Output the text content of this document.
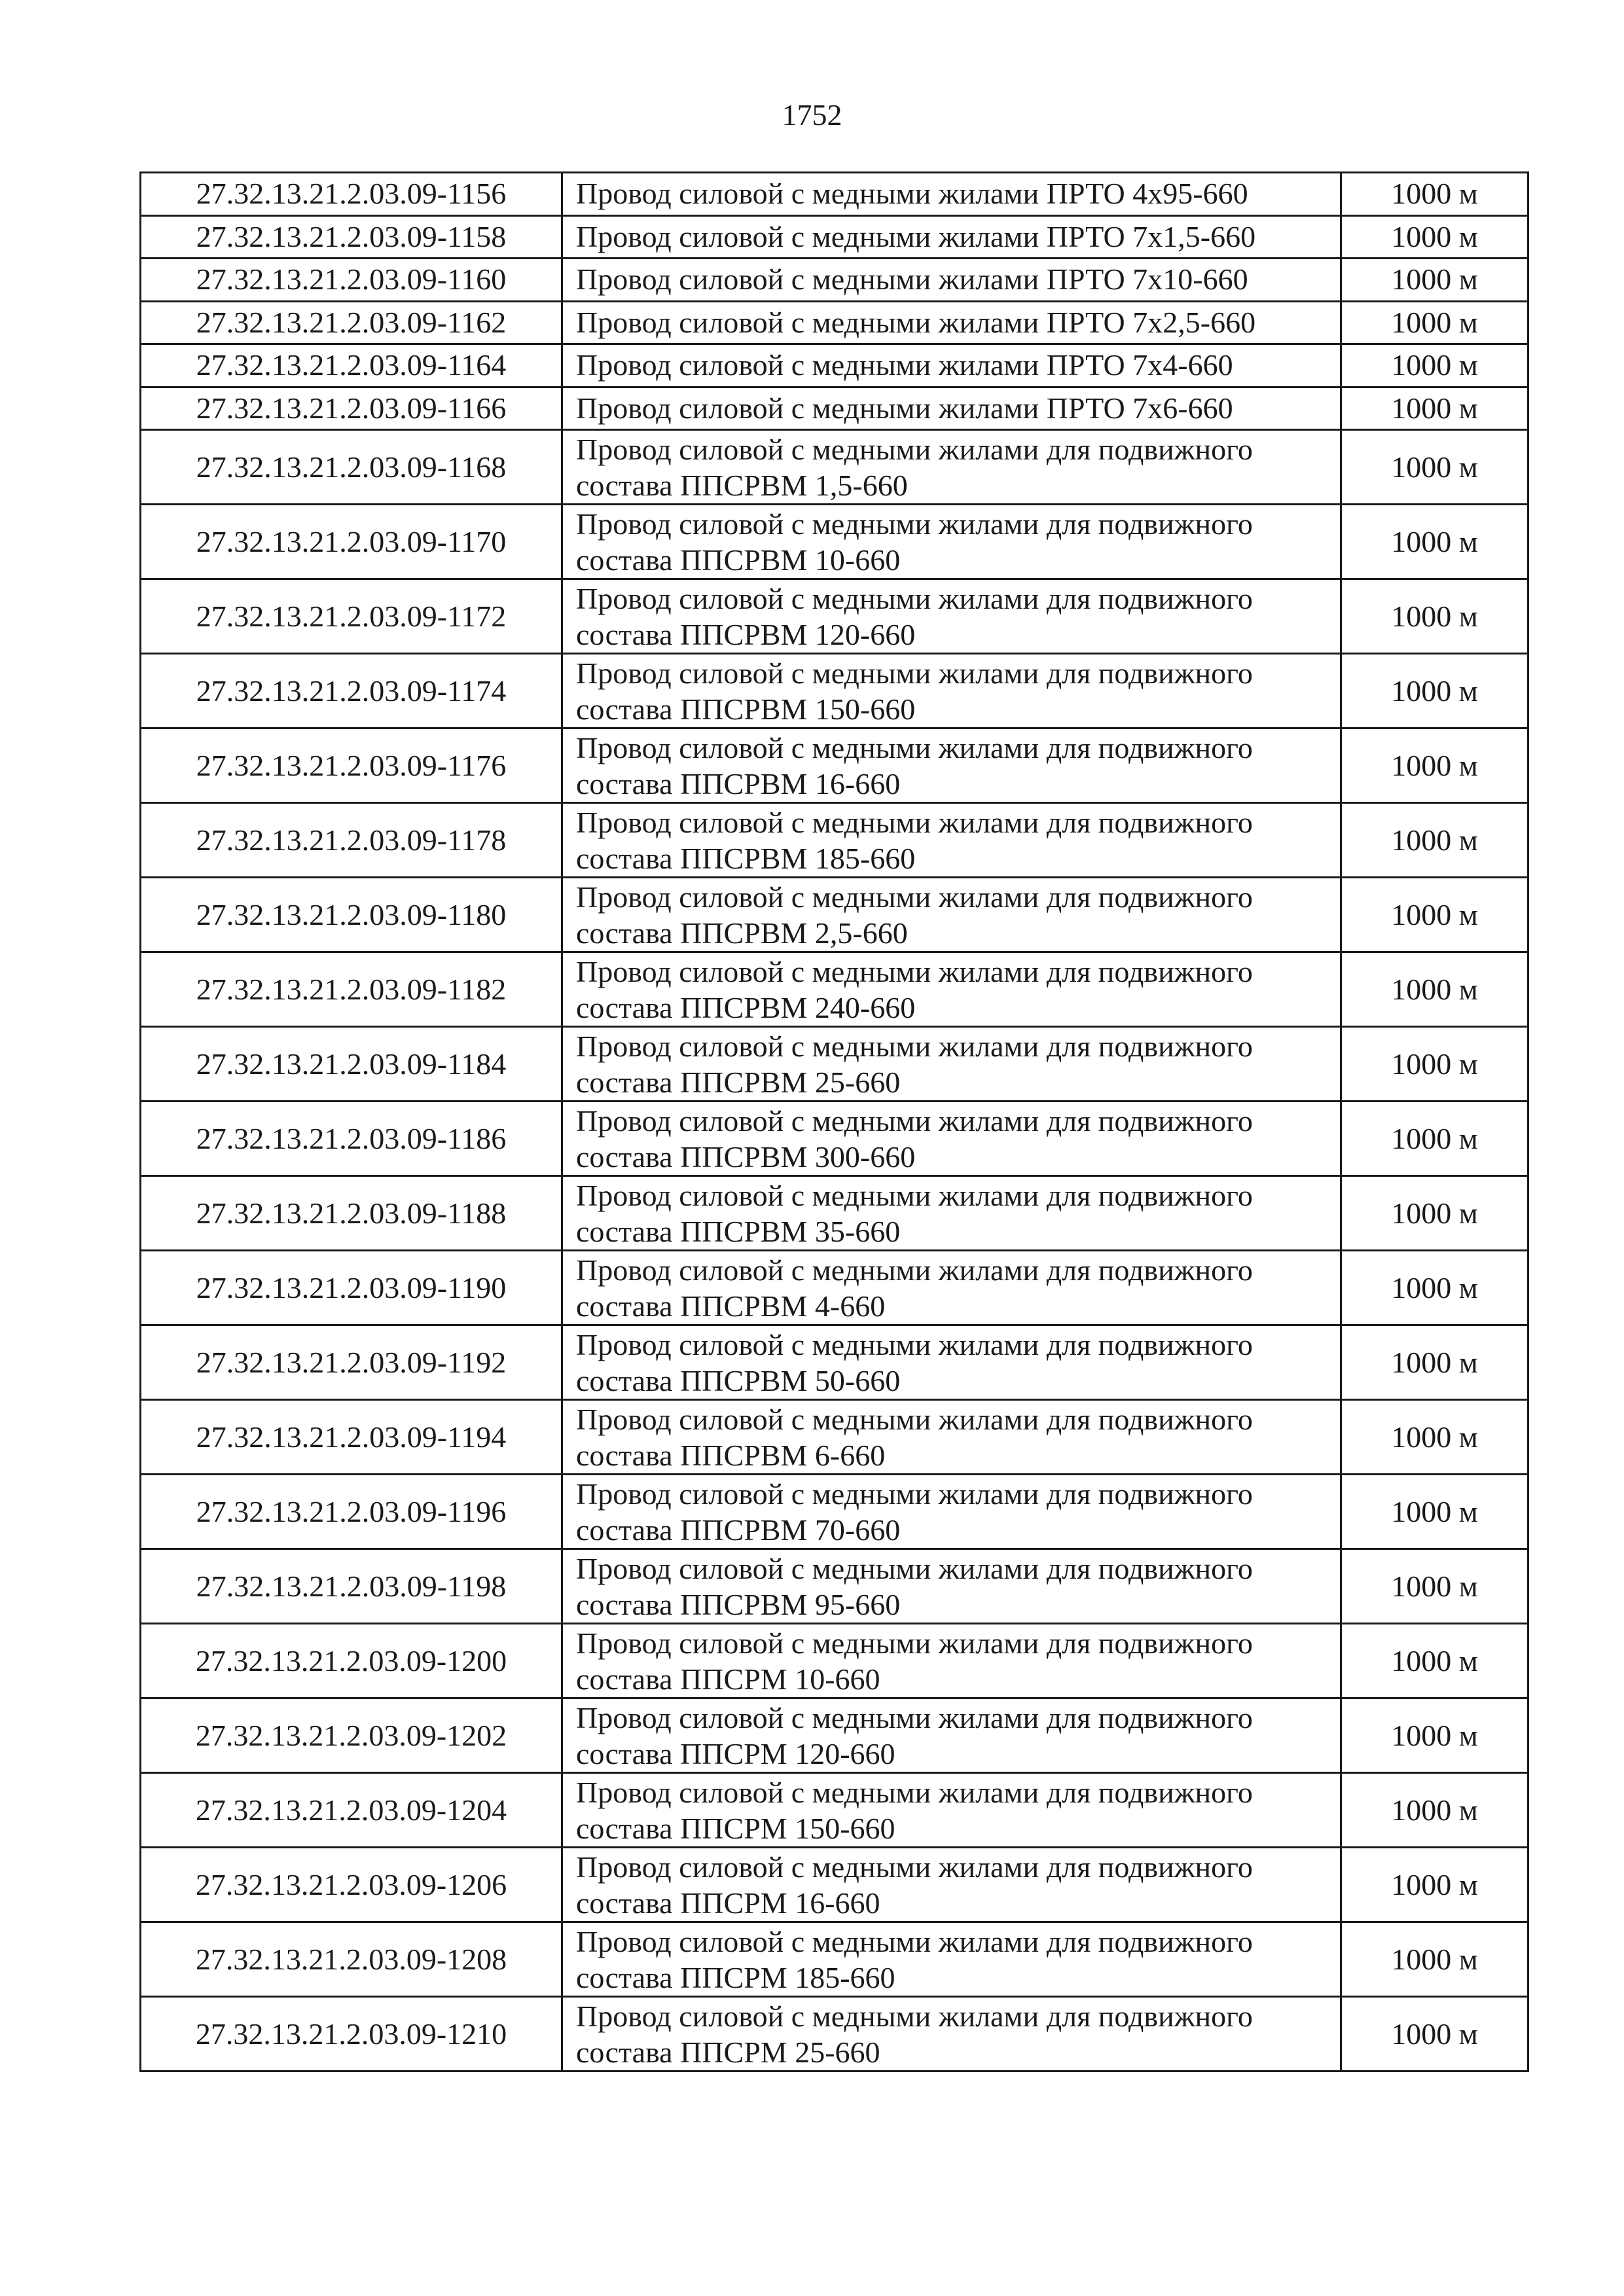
1752
27.32.13.21.2.03.09-1156	Провод силовой с медными жилами ПРТО 4х95-660	1000 м
27.32.13.21.2.03.09-1158	Провод силовой с медными жилами ПРТО 7х1,5-660	1000 м
27.32.13.21.2.03.09-1160	Провод силовой с медными жилами ПРТО 7х10-660	1000 м
27.32.13.21.2.03.09-1162	Провод силовой с медными жилами ПРТО 7х2,5-660	1000 м
27.32.13.21.2.03.09-1164	Провод силовой с медными жилами ПРТО 7х4-660	1000 м
27.32.13.21.2.03.09-1166	Провод силовой с медными жилами ПРТО 7х6-660	1000 м
27.32.13.21.2.03.09-1168	Провод силовой с медными жилами для подвижного
состава ППСРВМ 1,5-660	1000 м
27.32.13.21.2.03.09-1170	Провод силовой с медными жилами для подвижного
состава ППСРВМ 10-660	1000 м
27.32.13.21.2.03.09-1172	Провод силовой с медными жилами для подвижного
состава ППСРВМ 120-660	1000 м
27.32.13.21.2.03.09-1174	Провод силовой с медными жилами для подвижного
состава ППСРВМ 150-660	1000 м
27.32.13.21.2.03.09-1176	Провод силовой с медными жилами для подвижного
состава ППСРВМ 16-660	1000 м
27.32.13.21.2.03.09-1178	Провод силовой с медными жилами для подвижного
состава ППСРВМ 185-660	1000 м
27.32.13.21.2.03.09-1180	Провод силовой с медными жилами для подвижного
состава ППСРВМ 2,5-660	1000 м
27.32.13.21.2.03.09-1182	Провод силовой с медными жилами для подвижного
состава ППСРВМ 240-660	1000 м
27.32.13.21.2.03.09-1184	Провод силовой с медными жилами для подвижного
состава ППСРВМ 25-660	1000 м
27.32.13.21.2.03.09-1186	Провод силовой с медными жилами для подвижного
состава ППСРВМ 300-660	1000 м
27.32.13.21.2.03.09-1188	Провод силовой с медными жилами для подвижного
состава ППСРВМ 35-660	1000 м
27.32.13.21.2.03.09-1190	Провод силовой с медными жилами для подвижного
состава ППСРВМ 4-660	1000 м
27.32.13.21.2.03.09-1192	Провод силовой с медными жилами для подвижного
состава ППСРВМ 50-660	1000 м
27.32.13.21.2.03.09-1194	Провод силовой с медными жилами для подвижного
состава ППСРВМ 6-660	1000 м
27.32.13.21.2.03.09-1196	Провод силовой с медными жилами для подвижного
состава ППСРВМ 70-660	1000 м
27.32.13.21.2.03.09-1198	Провод силовой с медными жилами для подвижного
состава ППСРВМ 95-660	1000 м
27.32.13.21.2.03.09-1200	Провод силовой с медными жилами для подвижного
состава ППСРМ 10-660	1000 м
27.32.13.21.2.03.09-1202	Провод силовой с медными жилами для подвижного
состава ППСРМ 120-660	1000 м
27.32.13.21.2.03.09-1204	Провод силовой с медными жилами для подвижного
состава ППСРМ 150-660	1000 м
27.32.13.21.2.03.09-1206	Провод силовой с медными жилами для подвижного
состава ППСРМ 16-660	1000 м
27.32.13.21.2.03.09-1208	Провод силовой с медными жилами для подвижного
состава ППСРМ 185-660	1000 м
27.32.13.21.2.03.09-1210	Провод силовой с медными жилами для подвижного
состава ППСРМ 25-660	1000 м
